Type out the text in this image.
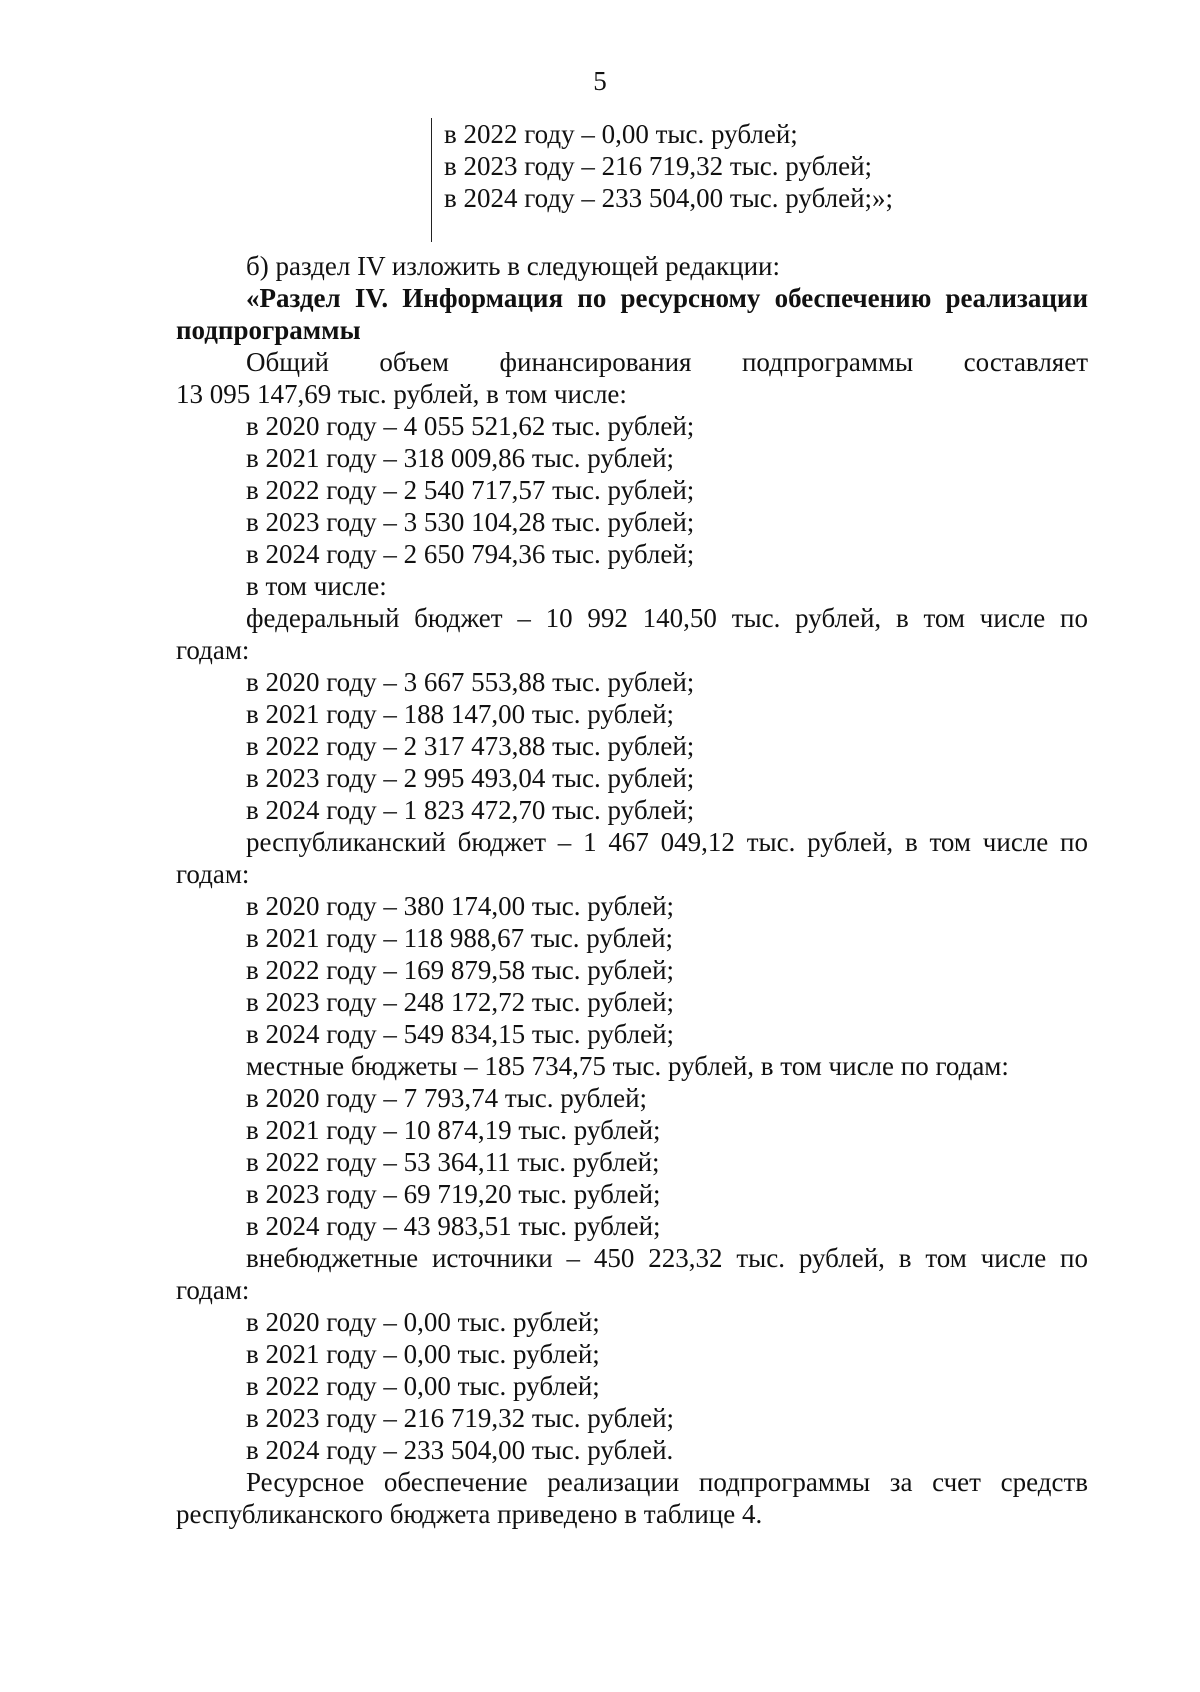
5
в 2022 году – 0,00 тыс. рублей;
в 2023 году – 216 719,32 тыс. рублей;
в 2024 году – 233 504,00 тыс. рублей;»;
б) раздел IV изложить в следующей редакции:
«Раздел IV. Информация по ресурсному обеспечению реализации
подпрограммы
Общий объем финансирования подпрограммы составляет
13 095 147,69 тыс. рублей, в том числе:
в 2020 году – 4 055 521,62 тыс. рублей;
в 2021 году – 318 009,86 тыс. рублей;
в 2022 году – 2 540 717,57 тыс. рублей;
в 2023 году – 3 530 104,28 тыс. рублей;
в 2024 году – 2 650 794,36 тыс. рублей;
в том числе:
федеральный бюджет – 10 992 140,50 тыс. рублей, в том числе по
годам:
в 2020 году – 3 667 553,88 тыс. рублей;
в 2021 году – 188 147,00 тыс. рублей;
в 2022 году – 2 317 473,88 тыс. рублей;
в 2023 году – 2 995 493,04 тыс. рублей;
в 2024 году – 1 823 472,70 тыс. рублей;
республиканский бюджет – 1 467 049,12 тыс. рублей, в том числе по
годам:
в 2020 году – 380 174,00 тыс. рублей;
в 2021 году – 118 988,67 тыс. рублей;
в 2022 году – 169 879,58 тыс. рублей;
в 2023 году – 248 172,72 тыс. рублей;
в 2024 году – 549 834,15 тыс. рублей;
местные бюджеты – 185 734,75 тыс. рублей, в том числе по годам:
в 2020 году – 7 793,74 тыс. рублей;
в 2021 году – 10 874,19 тыс. рублей;
в 2022 году – 53 364,11 тыс. рублей;
в 2023 году – 69 719,20 тыс. рублей;
в 2024 году – 43 983,51 тыс. рублей;
внебюджетные источники – 450 223,32 тыс. рублей, в том числе по
годам:
в 2020 году – 0,00 тыс. рублей;
в 2021 году – 0,00 тыс. рублей;
в 2022 году – 0,00 тыс. рублей;
в 2023 году – 216 719,32 тыс. рублей;
в 2024 году – 233 504,00 тыс. рублей.
Ресурсное обеспечение реализации подпрограммы за счет средств
республиканского бюджета приведено в таблице 4.
